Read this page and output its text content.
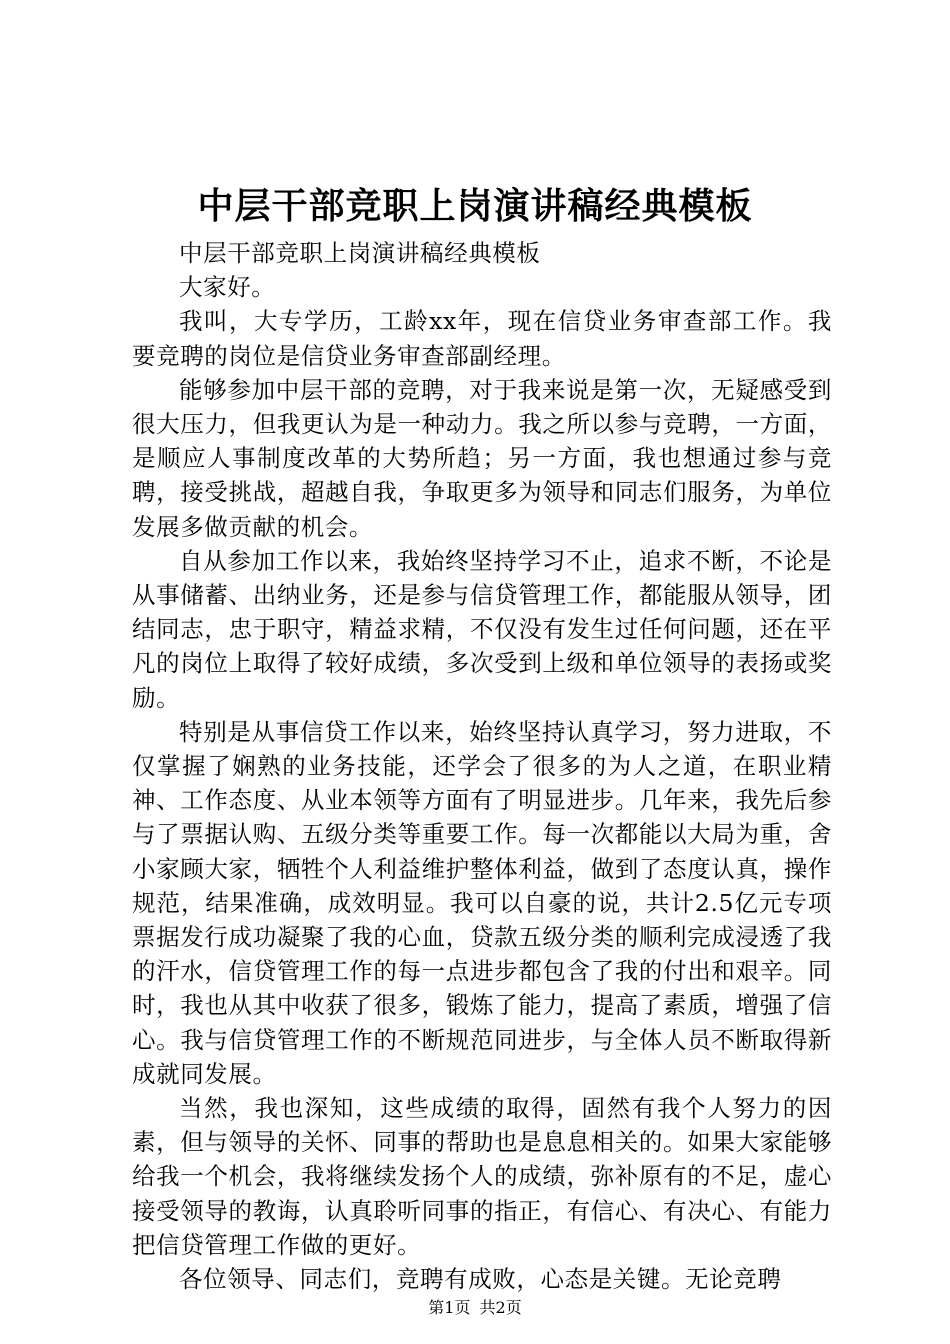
中层干部竞职上岗演讲稿经典模板

中层干部竞职上岗演讲稿经典模板

大家好。

我叫，大专学历，工龄xx年，现在信贷业务审查部工作。我要竞聘的岗位是信贷业务审查部副经理。

能够参加中层干部的竞聘，对于我来说是第一次，无疑感受到很大压力，但我更认为是一种动力。我之所以参与竞聘，一方面，是顺应人事制度改革的大势所趋；另一方面，我也想通过参与竞聘，接受挑战，超越自我，争取更多为领导和同志们服务，为单位发展多做贡献的机会。

自从参加工作以来，我始终坚持学习不止，追求不断，不论是从事储蓄、出纳业务，还是参与信贷管理工作，都能服从领导，团结同志，忠于职守，精益求精，不仅没有发生过任何问题，还在平凡的岗位上取得了较好成绩，多次受到上级和单位领导的表扬或奖励。

特别是从事信贷工作以来，始终坚持认真学习，努力进取，不仅掌握了娴熟的业务技能，还学会了很多的为人之道，在职业精神、工作态度、从业本领等方面有了明显进步。几年来，我先后参与了票据认购、五级分类等重要工作。每一次都能以大局为重，舍小家顾大家，牺牲个人利益维护整体利益，做到了态度认真，操作规范，结果准确，成效明显。我可以自豪的说，共计2.5亿元专项票据发行成功凝聚了我的心血，贷款五级分类的顺利完成浸透了我的汗水，信贷管理工作的每一点进步都包含了我的付出和艰辛。同时，我也从其中收获了很多，锻炼了能力，提高了素质，增强了信心。我与信贷管理工作的不断规范同进步，与全体人员不断取得新成就同发展。

当然，我也深知，这些成绩的取得，固然有我个人努力的因素，但与领导的关怀、同事的帮助也是息息相关的。如果大家能够给我一个机会，我将继续发扬个人的成绩，弥补原有的不足，虚心接受领导的教诲，认真聆听同事的指正，有信心、有决心、有能力把信贷管理工作做的更好。

各位领导、同志们，竞聘有成败，心态是关键。无论竞聘

第1页 共2页
